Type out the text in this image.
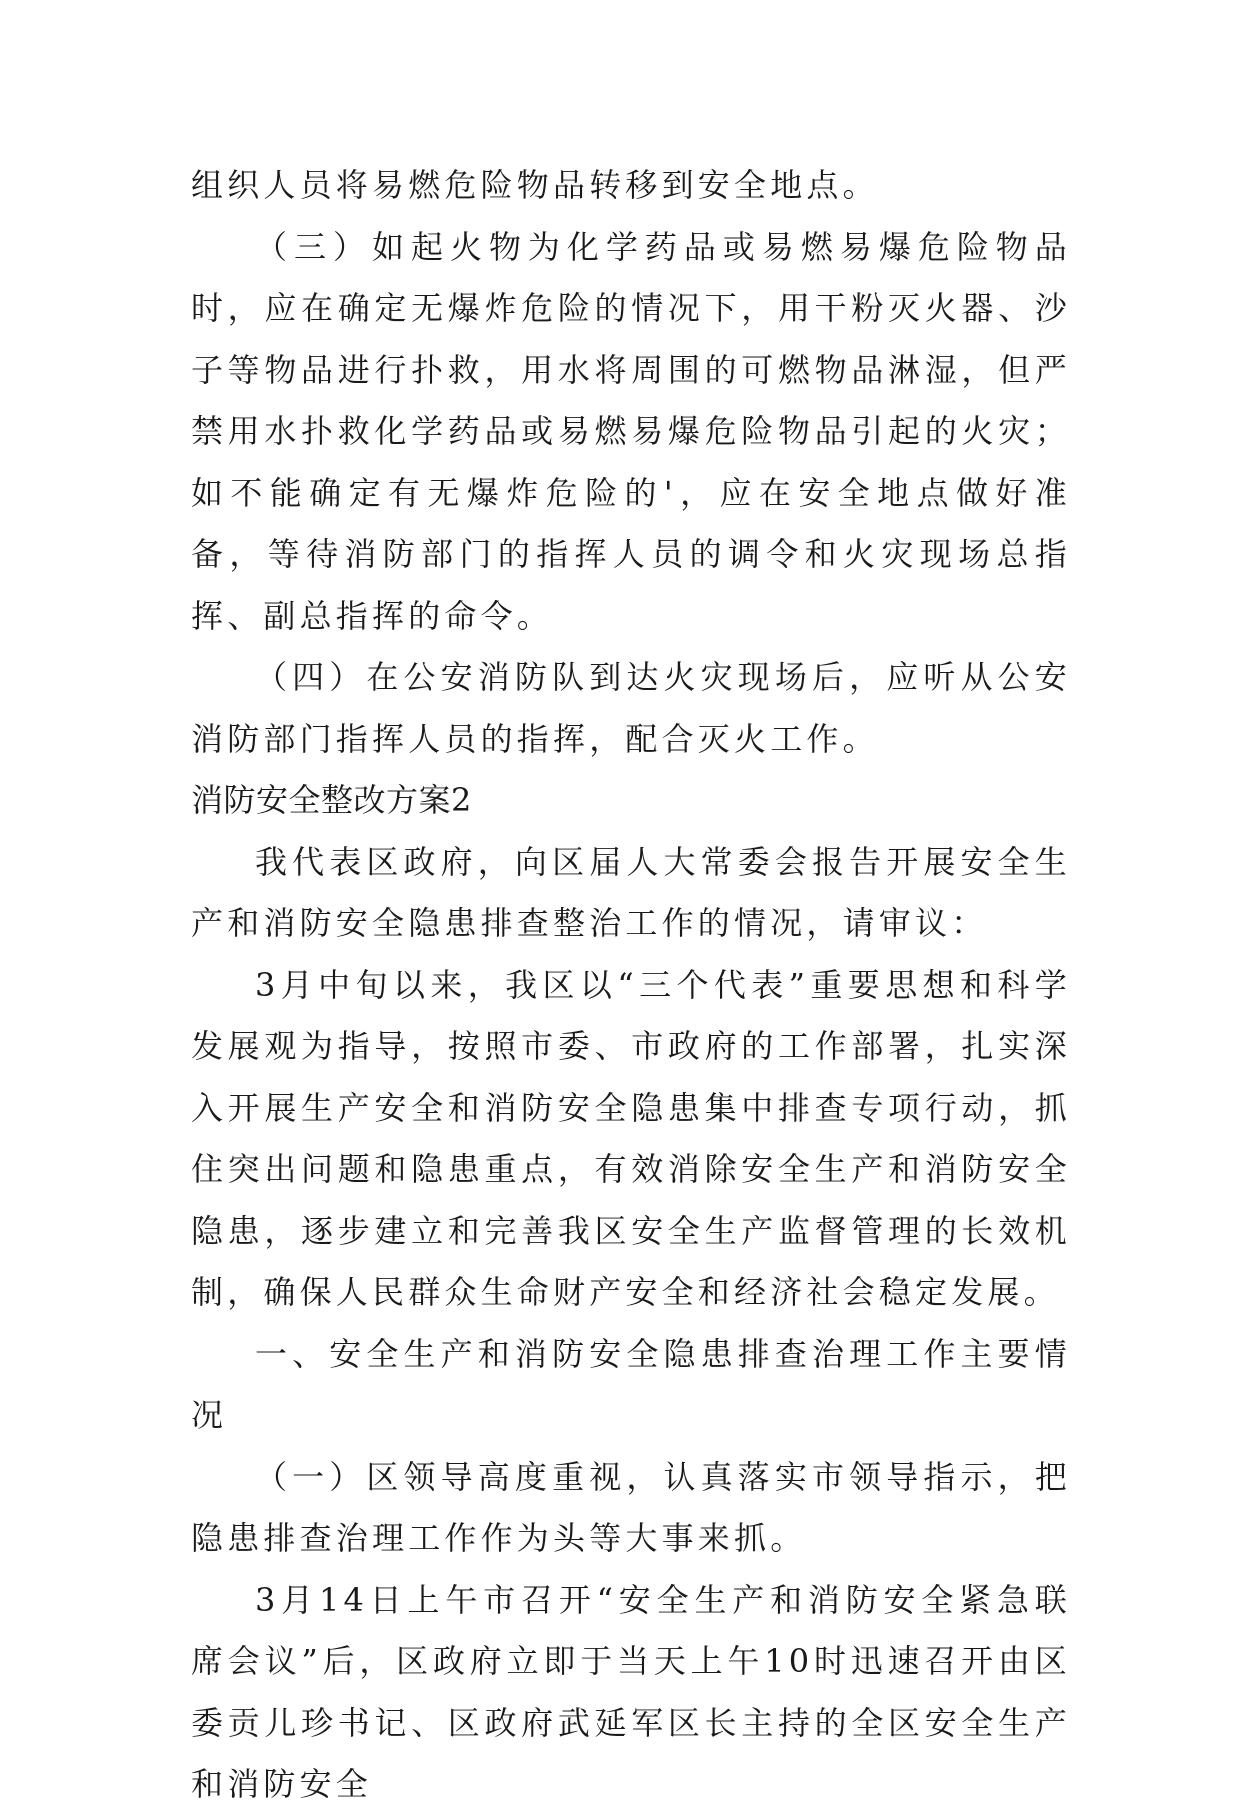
组织人员将易燃危险物品转移到安全地点。

（三）如起火物为化学药品或易燃易爆危险物品时，应在确定无爆炸危险的情况下，用干粉灭火器、沙子等物品进行扑救，用水将周围的可燃物品淋湿，但严禁用水扑救化学药品或易燃易爆危险物品引起的火灾；如不能确定有无爆炸危险的'，应在安全地点做好准备，等待消防部门的指挥人员的调令和火灾现场总指挥、副总指挥的命令。

（四）在公安消防队到达火灾现场后，应听从公安消防部门指挥人员的指挥，配合灭火工作。

消防安全整改方案2

我代表区政府，向区届人大常委会报告开展安全生产和消防安全隐患排查整治工作的情况，请审议：

3月中旬以来，我区以“三个代表”重要思想和科学发展观为指导，按照市委、市政府的工作部署，扎实深入开展生产安全和消防安全隐患集中排查专项行动，抓住突出问题和隐患重点，有效消除安全生产和消防安全隐患，逐步建立和完善我区安全生产监督管理的长效机制，确保人民群众生命财产安全和经济社会稳定发展。

一、安全生产和消防安全隐患排查治理工作主要情况

（一）区领导高度重视，认真落实市领导指示，把隐患排查治理工作作为头等大事来抓。

3月14日上午市召开“安全生产和消防安全紧急联席会议”后，区政府立即于当天上午10时迅速召开由区委贡儿珍书记、区政府武延军区长主持的全区安全生产和消防安全
